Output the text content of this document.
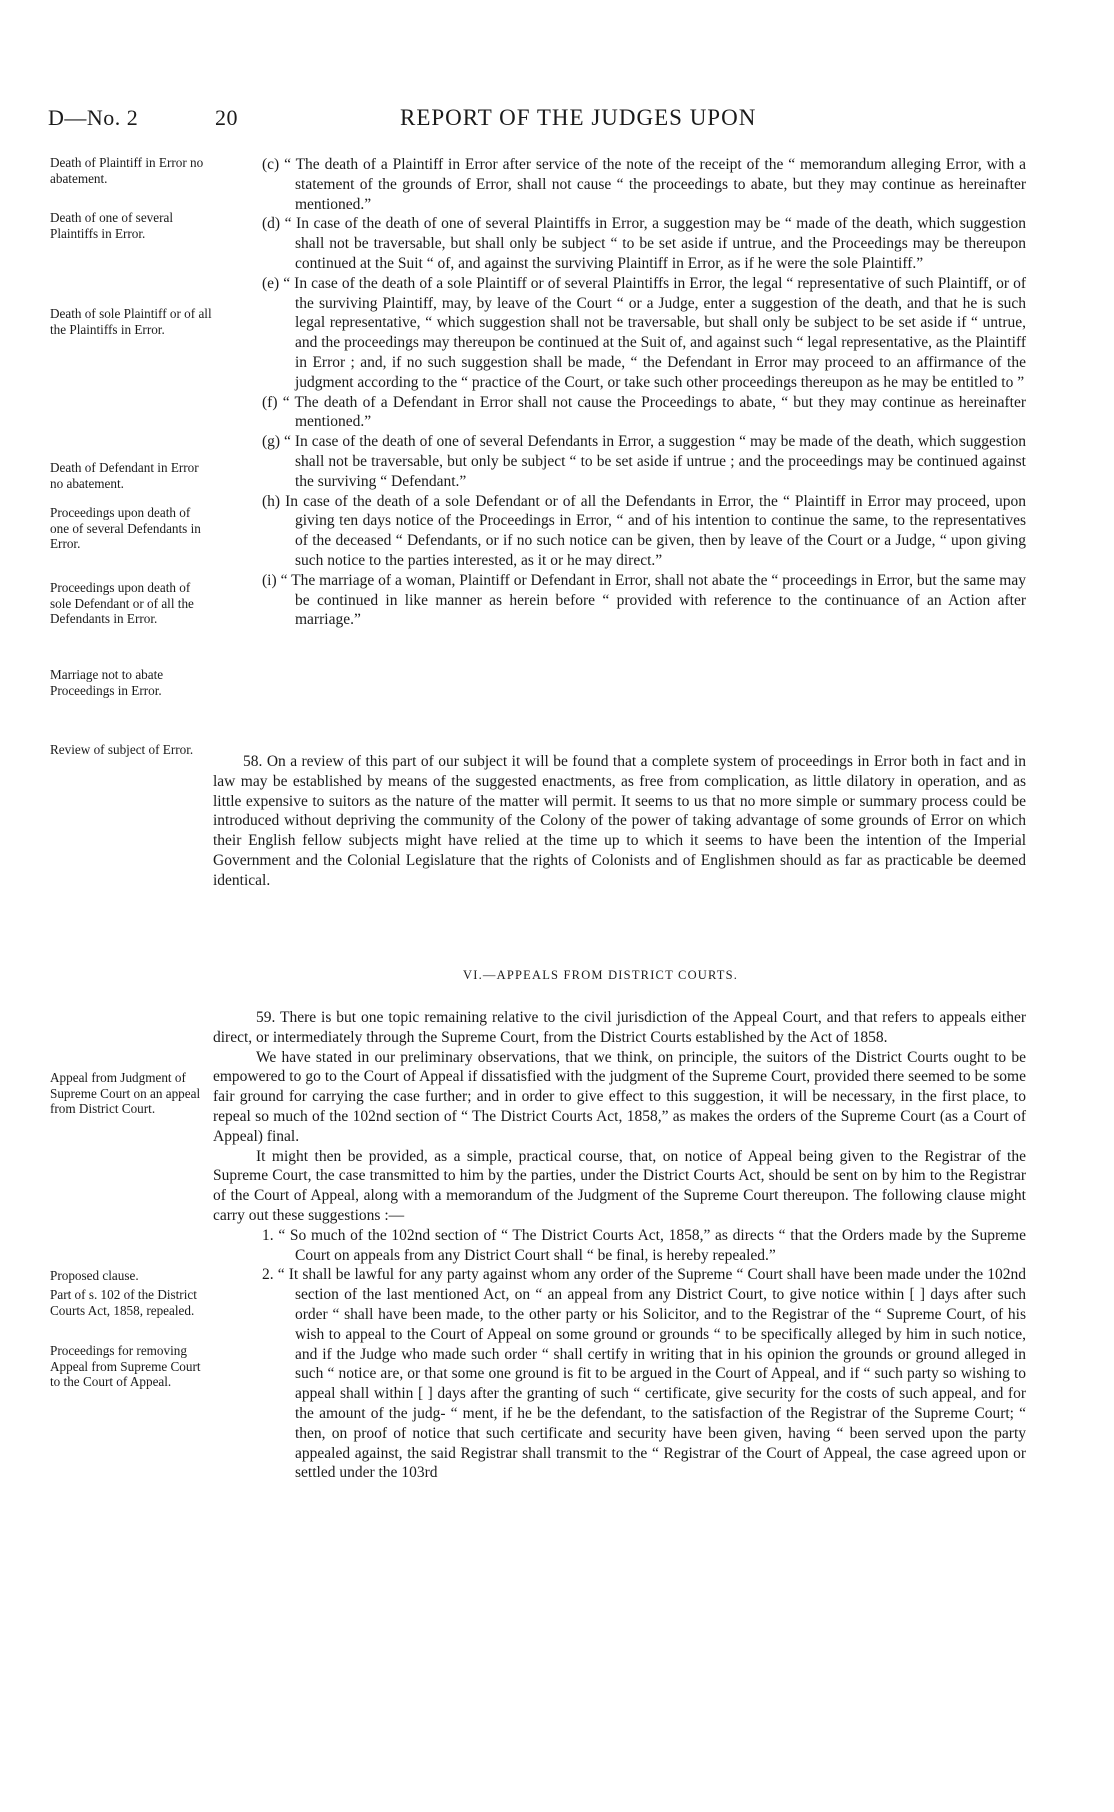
D—No. 2	20	REPORT OF THE JUDGES UPON
Death of Plaintiff in Error no abatement.
Death of one of several Plaintiffs in Error.
Death of sole Plaintiff or of all the Plaintiffs in Error.
Death of Defendant in Error no abatement.
Proceedings upon death of one of several Defendants in Error.
Proceedings upon death of sole Defendant or of all the Defendants in Error.
Marriage not to abate Proceedings in Error.
Review of subject of Error.
Appeal from Judgment of Supreme Court on an appeal from District Court.
Proposed clause.
Part of s. 102 of the District Courts Act, 1858, repealed.
Proceedings for removing Appeal from Supreme Court to the Court of Appeal.

(c) “ The death of a Plaintiff in Error after service of the note of the receipt of the “ memorandum alleging Error, with a statement of the grounds of Error, shall not cause “ the proceedings to abate, but they may continue as hereinafter mentioned.”

(d) “ In case of the death of one of several Plaintiffs in Error, a suggestion may be “ made of the death, which suggestion shall not be traversable, but shall only be subject “ to be set aside if untrue, and the Proceedings may be thereupon continued at the Suit “ of, and against the surviving Plaintiff in Error, as if he were the sole Plaintiff.”

(e) “ In case of the death of a sole Plaintiff or of several Plaintiffs in Error, the legal “ representative of such Plaintiff, or of the surviving Plaintiff, may, by leave of the Court “ or a Judge, enter a suggestion of the death, and that he is such legal representative, “ which suggestion shall not be traversable, but shall only be subject to be set aside if “ untrue, and the proceedings may thereupon be continued at the Suit of, and against such “ legal representative, as the Plaintiff in Error ; and, if no such suggestion shall be made, “ the Defendant in Error may proceed to an affirmance of the judgment according to the “ practice of the Court, or take such other proceedings thereupon as he may be entitled to ”

(f) “ The death of a Defendant in Error shall not cause the Proceedings to abate, “ but they may continue as hereinafter mentioned.”

(g) “ In case of the death of one of several Defendants in Error, a suggestion “ may be made of the death, which suggestion shall not be traversable, but only be subject “ to be set aside if untrue ; and the proceedings may be continued against the surviving “ Defendant.”

(h) In case of the death of a sole Defendant or of all the Defendants in Error, the “ Plaintiff in Error may proceed, upon giving ten days notice of the Proceedings in Error, “ and of his intention to continue the same, to the representatives of the deceased “ Defendants, or if no such notice can be given, then by leave of the Court or a Judge, “ upon giving such notice to the parties interested, as it or he may direct.”

(i) “ The marriage of a woman, Plaintiff or Defendant in Error, shall not abate the “ proceedings in Error, but the same may be continued in like manner as herein before “ provided with reference to the continuance of an Action after marriage.”

58. On a review of this part of our subject it will be found that a complete system of proceedings in Error both in fact and in law may be established by means of the suggested enactments, as free from complication, as little dilatory in operation, and as little expensive to suitors as the nature of the matter will permit. It seems to us that no more simple or summary process could be introduced without depriving the community of the Colony of the power of taking advantage of some grounds of Error on which their English fellow subjects might have relied at the time up to which it seems to have been the intention of the Imperial Government and the Colonial Legislature that the rights of Colonists and of Englishmen should as far as practicable be deemed identical.

VI.—APPEALS FROM DISTRICT COURTS.

59. There is but one topic remaining relative to the civil jurisdiction of the Appeal Court, and that refers to appeals either direct, or intermediately through the Supreme Court, from the District Courts established by the Act of 1858.

We have stated in our preliminary observations, that we think, on principle, the suitors of the District Courts ought to be empowered to go to the Court of Appeal if dissatisfied with the judgment of the Supreme Court, provided there seemed to be some fair ground for carrying the case further; and in order to give effect to this suggestion, it will be necessary, in the first place, to repeal so much of the 102nd section of “ The District Courts Act, 1858,” as makes the orders of the Supreme Court (as a Court of Appeal) final.

It might then be provided, as a simple, practical course, that, on notice of Appeal being given to the Registrar of the Supreme Court, the case transmitted to him by the parties, under the District Courts Act, should be sent on by him to the Registrar of the Court of Appeal, along with a memorandum of the Judgment of the Supreme Court thereupon. The following clause might carry out these suggestions :—

1. “ So much of the 102nd section of “ The District Courts Act, 1858,” as directs “ that the Orders made by the Supreme Court on appeals from any District Court shall “ be final, is hereby repealed.”

2. “ It shall be lawful for any party against whom any order of the Supreme “ Court shall have been made under the 102nd section of the last mentioned Act, on “ an appeal from any District Court, to give notice within [ ] days after such order “ shall have been made, to the other party or his Solicitor, and to the Registrar of the “ Supreme Court, of his wish to appeal to the Court of Appeal on some ground or grounds “ to be specifically alleged by him in such notice, and if the Judge who made such order “ shall certify in writing that in his opinion the grounds or ground alleged in such “ notice are, or that some one ground is fit to be argued in the Court of Appeal, and if “ such party so wishing to appeal shall within [ ] days after the granting of such “ certificate, give security for the costs of such appeal, and for the amount of the judg- “ ment, if he be the defendant, to the satisfaction of the Registrar of the Supreme Court; “ then, on proof of notice that such certificate and security have been given, having “ been served upon the party appealed against, the said Registrar shall transmit to the “ Registrar of the Court of Appeal, the case agreed upon or settled under the 103rd
